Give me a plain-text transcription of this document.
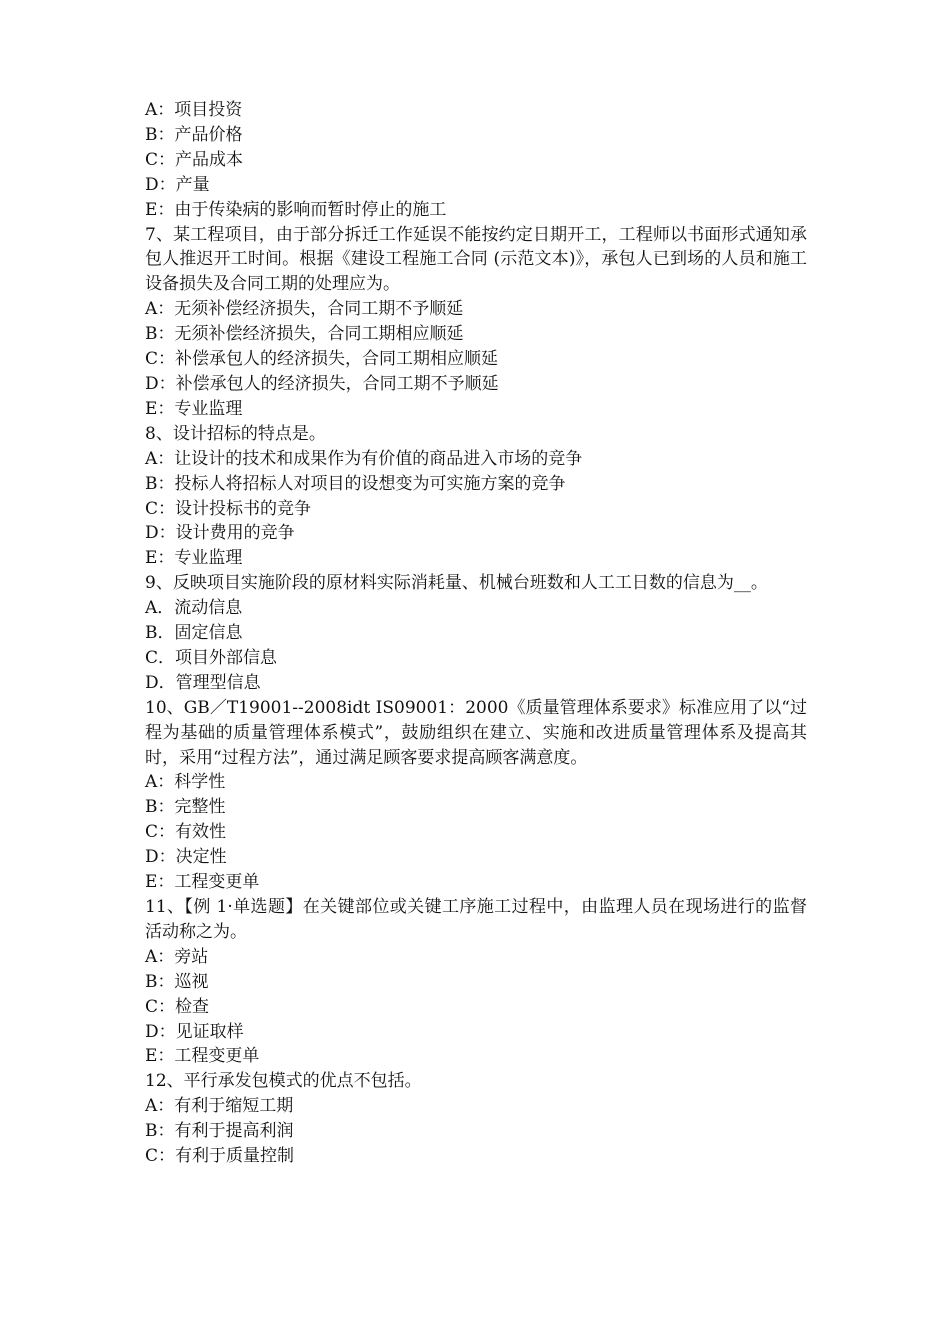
A：项目投资
B：产品价格
C：产品成本
D：产量
E：由于传染病的影响而暂时停止的施工
7、某工程项目，由于部分拆迁工作延误不能按约定日期开工，工程师以书面形式通知承包人推迟开工时间。根据《建设工程施工合同 (示范文本)》，承包人已到场的人员和施工设备损失及合同工期的处理应为。
A：无须补偿经济损失，合同工期不予顺延
B：无须补偿经济损失，合同工期相应顺延
C：补偿承包人的经济损失，合同工期相应顺延
D：补偿承包人的经济损失，合同工期不予顺延
E：专业监理
8、设计招标的特点是。
A：让设计的技术和成果作为有价值的商品进入市场的竞争
B：投标人将招标人对项目的设想变为可实施方案的竞争
C：设计投标书的竞争
D：设计费用的竞争
E：专业监理
9、反映项目实施阶段的原材料实际消耗量、机械台班数和人工工日数的信息为__。
A．流动信息
B．固定信息
C．项目外部信息
D．管理型信息
10、GB／T19001--2008idt IS09001：2000《质量管理体系要求》标准应用了以“过程为基础的质量管理体系模式”，鼓励组织在建立、实施和改进质量管理体系及提高其时，采用“过程方法”，通过满足顾客要求提高顾客满意度。
A：科学性
B：完整性
C：有效性
D：决定性
E：工程变更单
11、【例 1·单选题】在关键部位或关键工序施工过程中，由监理人员在现场进行的监督活动称之为。
A：旁站
B：巡视
C：检查
D：见证取样
E：工程变更单
12、平行承发包模式的优点不包括。
A：有利于缩短工期
B：有利于提高利润
C：有利于质量控制
